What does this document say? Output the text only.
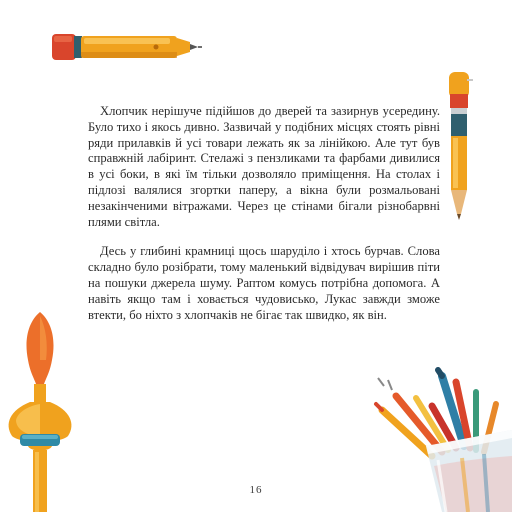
Хлопчик нерішуче підійшов до дверей та зазирнув усередину. Було тихо і якось дивно. Зазвичай у подібних місцях стоять рівні ряди прилавків й усі товари лежать як за лінійкою. Але тут був справжній лабіринт. Стелажі з пензликами та фарбами дивилися в усі боки, в які їм тільки дозволяло приміщення. На столах і підлозі валялися згортки паперу, а вікна були розмальовані незакінченими вітражами. Через це стінами бігали різнобарвні плями світла.

Десь у глибині крамниці щось шаруділо і хтось бурчав. Слова складно було розібрати, тому маленький відвідувач вирішив піти на пошуки джерела шуму. Раптом комусь потрібна допомога. А навіть якщо там і ховається чудовисько, Лукас завжди зможе втекти, бо ніхто з хлопчаків не бігає так швидко, як він.

16
